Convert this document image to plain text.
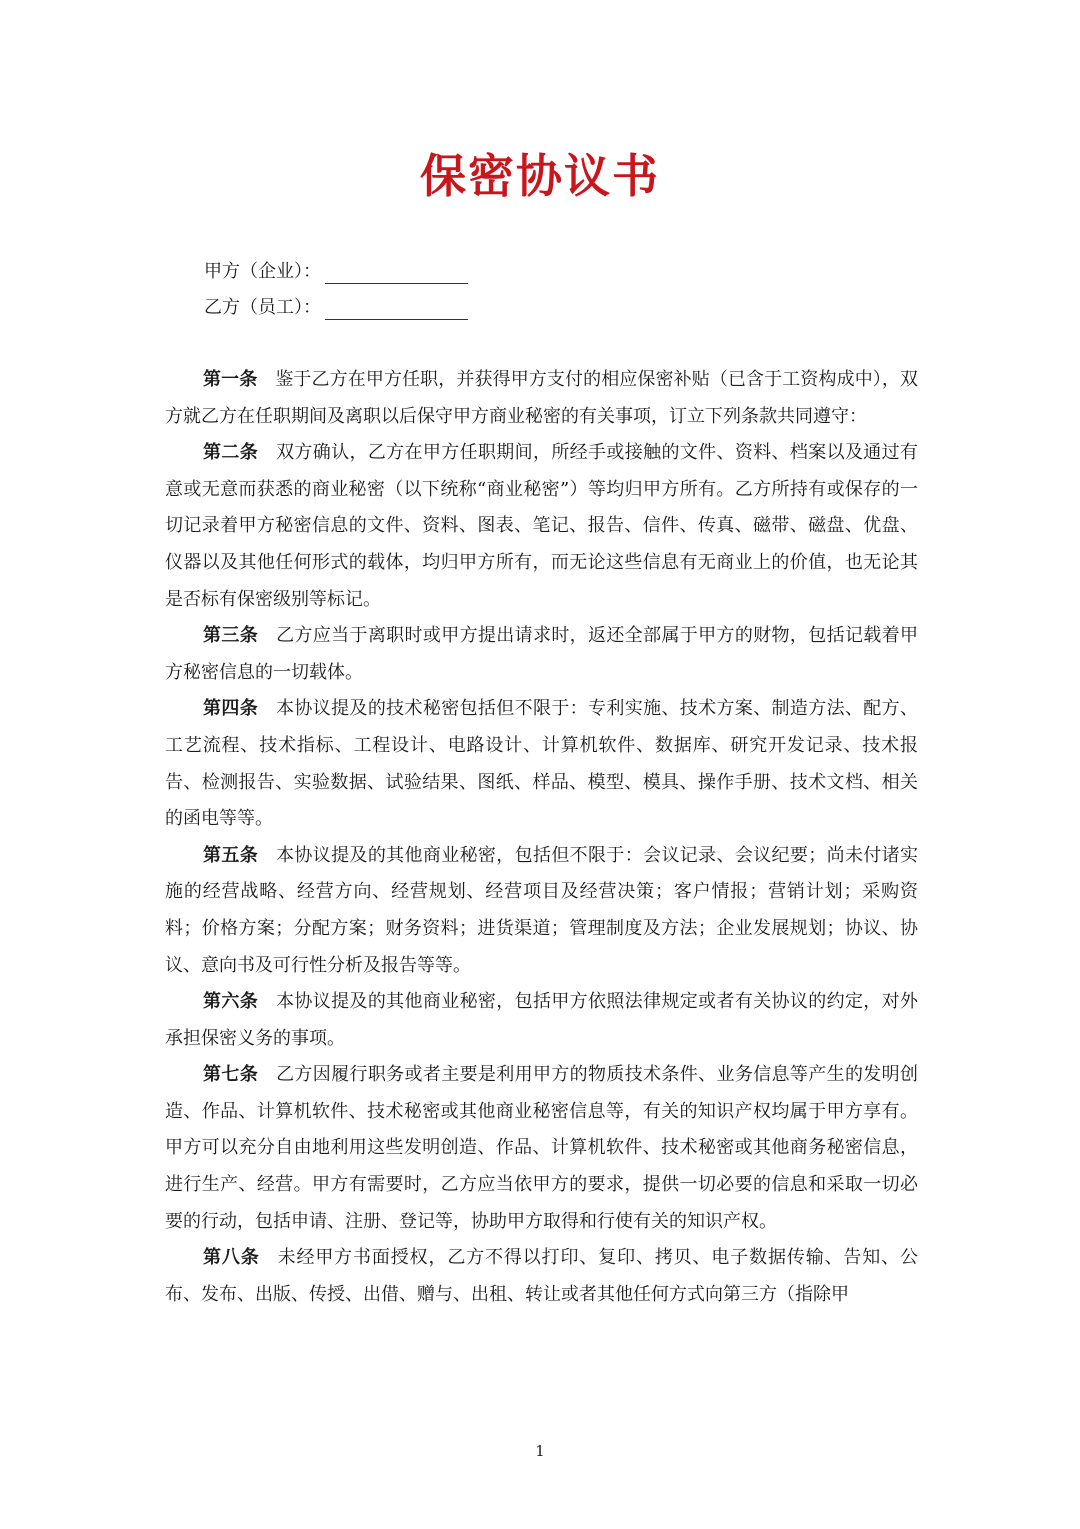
保密协议书
甲方（企业）：
乙方（员工）：

第一条 鉴于乙方在甲方任职，并获得甲方支付的相应保密补贴（已含于工资构成中），双方就乙方在任职期间及离职以后保守甲方商业秘密的有关事项，订立下列条款共同遵守：

第二条 双方确认，乙方在甲方任职期间，所经手或接触的文件、资料、档案以及通过有意或无意而获悉的商业秘密（以下统称“商业秘密”）等均归甲方所有。乙方所持有或保存的一切记录着甲方秘密信息的文件、资料、图表、笔记、报告、信件、传真、磁带、磁盘、优盘、仪器以及其他任何形式的载体，均归甲方所有，而无论这些信息有无商业上的价值，也无论其是否标有保密级别等标记。

第三条 乙方应当于离职时或甲方提出请求时，返还全部属于甲方的财物，包括记载着甲方秘密信息的一切载体。

第四条 本协议提及的技术秘密包括但不限于：专利实施、技术方案、制造方法、配方、工艺流程、技术指标、工程设计、电路设计、计算机软件、数据库、研究开发记录、技术报告、检测报告、实验数据、试验结果、图纸、样品、模型、模具、操作手册、技术文档、相关的函电等等。

第五条 本协议提及的其他商业秘密，包括但不限于：会议记录、会议纪要；尚未付诸实施的经营战略、经营方向、经营规划、经营项目及经营决策；客户情报；营销计划；采购资料；价格方案；分配方案；财务资料；进货渠道；管理制度及方法；企业发展规划；协议、协议、意向书及可行性分析及报告等等。

第六条 本协议提及的其他商业秘密，包括甲方依照法律规定或者有关协议的约定，对外承担保密义务的事项。

第七条 乙方因履行职务或者主要是利用甲方的物质技术条件、业务信息等产生的发明创造、作品、计算机软件、技术秘密或其他商业秘密信息等，有关的知识产权均属于甲方享有。甲方可以充分自由地利用这些发明创造、作品、计算机软件、技术秘密或其他商务秘密信息，进行生产、经营。甲方有需要时，乙方应当依甲方的要求，提供一切必要的信息和采取一切必要的行动，包括申请、注册、登记等，协助甲方取得和行使有关的知识产权。

第八条 未经甲方书面授权，乙方不得以打印、复印、拷贝、电子数据传输、告知、公布、发布、出版、传授、出借、赠与、出租、转让或者其他任何方式向第三方（指除甲

1
